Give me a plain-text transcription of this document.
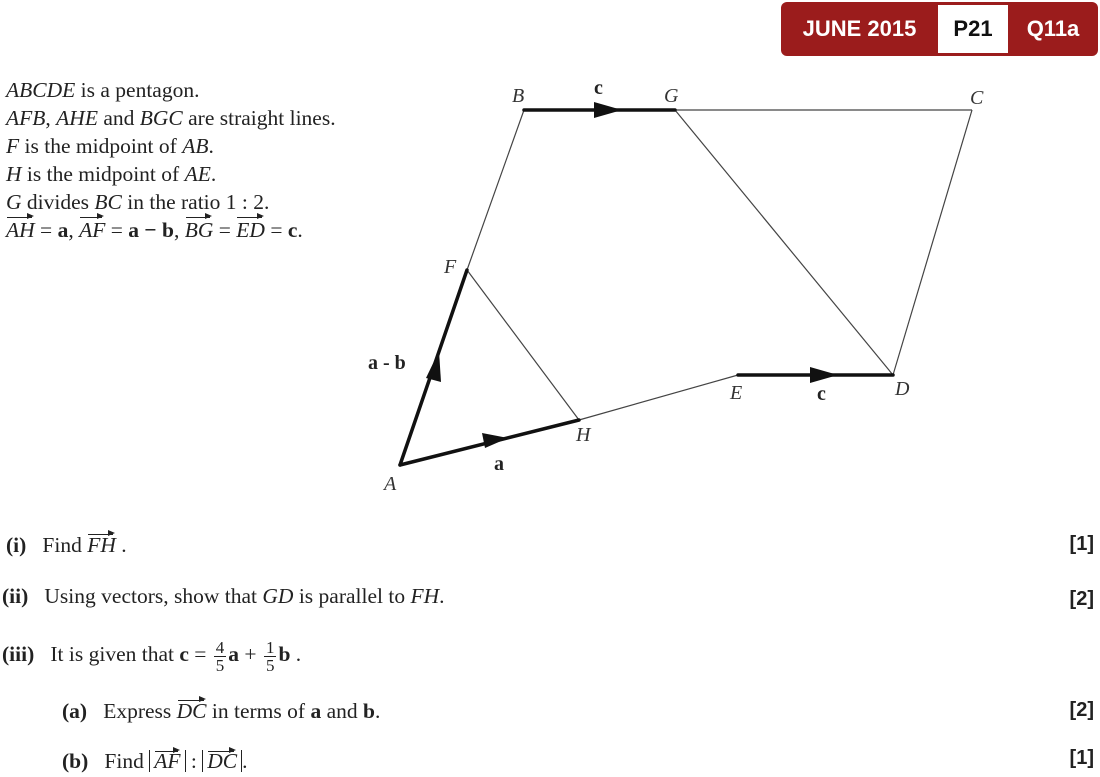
JUNE 2015	P21	Q11a
ABCDE is a pentagon.
AFB, AHE and BGC are straight lines.
F is the midpoint of AB.
H is the midpoint of AE.
G divides BC in the ratio 1 : 2.
AH = a, AF = a − b, BG = ED = c.
A
B	C
D
E
F
G
H
a - b
a
c
c
(i) Find FH .	[1]
(ii) Using vectors, show that GD is parallel to FH.	[2]
(iii) It is given that $c = \frac{4}{5}$ $a + \frac{1}{5}$ b .
(a) Express DC in terms of a and b.	[2]
(b) Find AF : DC .	[1]
